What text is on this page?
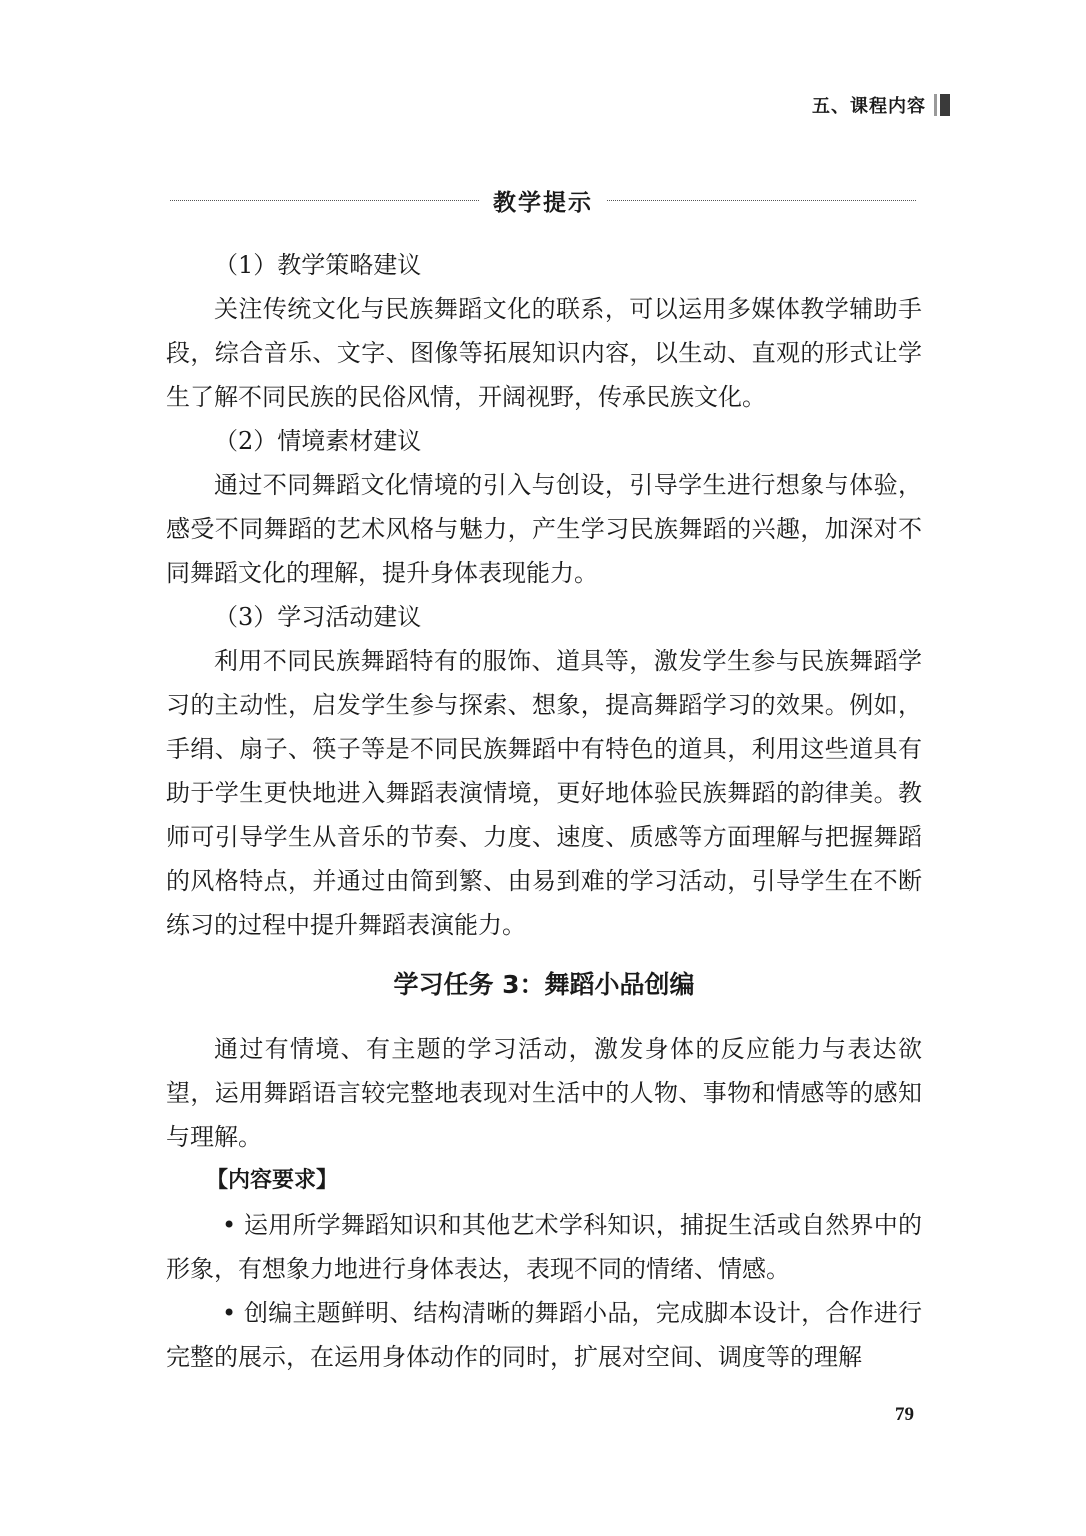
五、课程内容
教学提示

（1）教学策略建议

关注传统文化与民族舞蹈文化的联系，可以运用多媒体教学辅助手段，综合音乐、文字、图像等拓展知识内容，以生动、直观的形式让学生了解不同民族的民俗风情，开阔视野，传承民族文化。

（2）情境素材建议

通过不同舞蹈文化情境的引入与创设，引导学生进行想象与体验，感受不同舞蹈的艺术风格与魅力，产生学习民族舞蹈的兴趣，加深对不同舞蹈文化的理解，提升身体表现能力。

（3）学习活动建议

利用不同民族舞蹈特有的服饰、道具等，激发学生参与民族舞蹈学习的主动性，启发学生参与探索、想象，提高舞蹈学习的效果。例如，手绢、扇子、筷子等是不同民族舞蹈中有特色的道具，利用这些道具有助于学生更快地进入舞蹈表演情境，更好地体验民族舞蹈的韵律美。教师可引导学生从音乐的节奏、力度、速度、质感等方面理解与把握舞蹈的风格特点，并通过由简到繁、由易到难的学习活动，引导学生在不断练习的过程中提升舞蹈表演能力。

学习任务 3：舞蹈小品创编

通过有情境、有主题的学习活动，激发身体的反应能力与表达欲望，运用舞蹈语言较完整地表现对生活中的人物、事物和情感等的感知与理解。

【内容要求】

• 运用所学舞蹈知识和其他艺术学科知识，捕捉生活或自然界中的形象，有想象力地进行身体表达，表现不同的情绪、情感。

• 创编主题鲜明、结构清晰的舞蹈小品，完成脚本设计，合作进行完整的展示，在运用身体动作的同时，扩展对空间、调度等的理解

79
